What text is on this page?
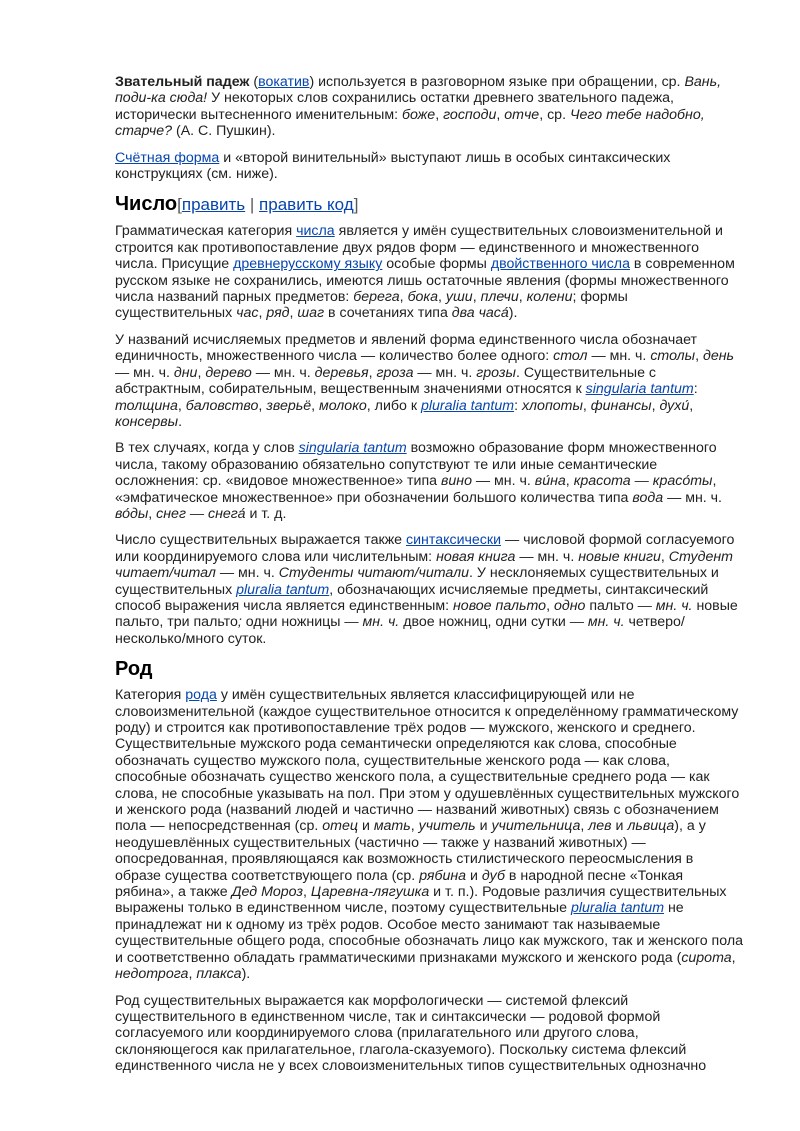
Звательный падеж (вокатив) используется в разговорном языке при обращении, ср. Вань, поди-ка сюда! У некоторых слов сохранились остатки древнего звательного падежа, исторически вытесненного именительным: боже, господи, отче, ср. Чего тебе надобно, старче? (А. С. Пушкин).

Счётная форма и «второй винительный» выступают лишь в особых синтаксических конструкциях (см. ниже).

Число[править | править код]

Грамматическая категория числа является у имён существительных словоизменительной и строится как противопоставление двух рядов форм — единственного и множественного числа. Присущие древнерусскому языку особые формы двойственного числа в современном русском языке не сохранились, имеются лишь остаточные явления (формы множественного числа названий парных предметов: берега, бока, уши, плечи, колени; формы существительных час, ряд, шаг в сочетаниях типа два часа́).

У названий исчисляемых предметов и явлений форма единственного числа обозначает единичность, множественного числа — количество более одного: стол — мн. ч. столы, день — мн. ч. дни, дерево — мн. ч. деревья, гроза — мн. ч. грозы. Существительные с абстрактным, собирательным, вещественным значениями относятся к singularia tantum: толщина, баловство, зверьё, молоко, либо к pluralia tantum: хлопоты, финансы, духи́, консервы.

В тех случаях, когда у слов singularia tantum возможно образование форм множественного числа, такому образованию обязательно сопутствуют те или иные семантические осложнения: ср. «видовое множественное» типа вино — мн. ч. ви́на, красота — красо́ты, «эмфатическое множественное» при обозначении большого количества типа вода — мн. ч. во́ды, снег — снега́ и т. д.

Число существительных выражается также синтаксически — числовой формой согласуемого или координируемого слова или числительным: новая книга — мн. ч. новые книги, Студент читает/читал — мн. ч. Студенты читают/читали. У несклоняемых существительных и существительных pluralia tantum, обозначающих исчисляемые предметы, синтаксический способ выражения числа является единственным: новое пальто, одно пальто — мн. ч. новые пальто, три пальто; одни ножницы — мн. ч. двое ножниц, одни сутки — мн. ч. четверо/несколько/много суток.

Род

Категория рода у имён существительных является классифицирующей или не словоизменительной (каждое существительное относится к определённому грамматическому роду) и строится как противопоставление трёх родов — мужского, женского и среднего. Существительные мужского рода семантически определяются как слова, способные обозначать существо мужского пола, существительные женского рода — как слова, способные обозначать существо женского пола, а существительные среднего рода — как слова, не способные указывать на пол. При этом у одушевлённых существительных мужского и женского рода (названий людей и частично — названий животных) связь с обозначением пола — непосредственная (ср. отец и мать, учитель и учительница, лев и львица), а у неодушевлённых существительных (частично — также у названий животных) — опосредованная, проявляющаяся как возможность стилистического переосмысления в образе существа соответствующего пола (ср. рябина и дуб в народной песне «Тонкая рябина», а также Дед Мороз, Царевна-лягушка и т. п.). Родовые различия существительных выражены только в единственном числе, поэтому существительные pluralia tantum не принадлежат ни к одному из трёх родов. Особое место занимают так называемые существительные общего рода, способные обозначать лицо как мужского, так и женского пола и соответственно обладать грамматическими признаками мужского и женского рода (сирота, недотрога, плакса).

Род существительных выражается как морфологически — системой флексий существительного в единственном числе, так и синтаксически — родовой формой согласуемого или координируемого слова (прилагательного или другого слова, склоняющегося как прилагательное, глагола-сказуемого). Поскольку система флексий единственного числа не у всех словоизменительных типов существительных однозначно
